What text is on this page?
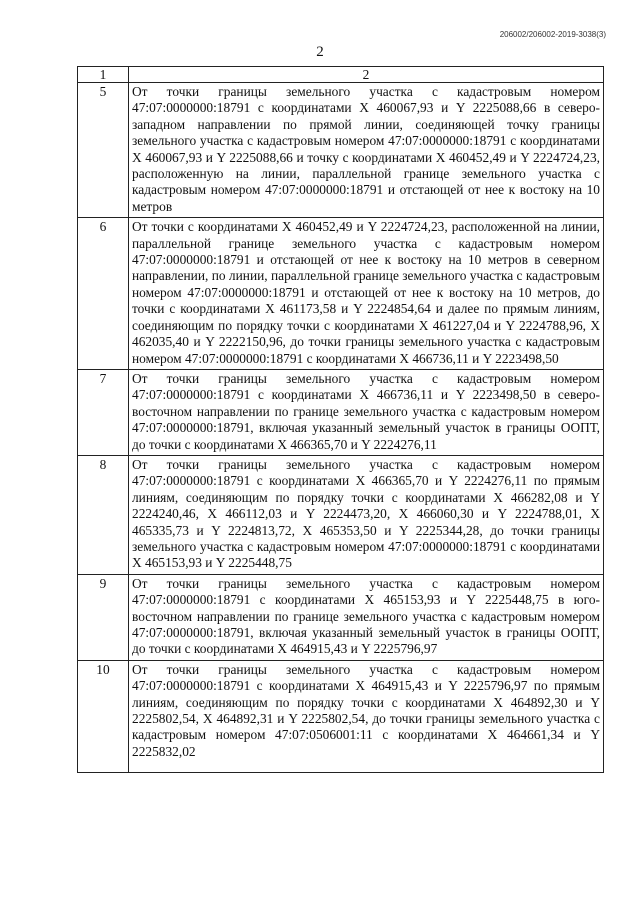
206002/206002-2019-3038(3)
2
1	2
5	От точки границы земельного участка с кадастровым номером 47:07:0000000:18791 с координатами X 460067,93 и Y 2225088,66 в северо-западном направлении по прямой линии, соединяющей точку границы земельного участка с кадастровым номером 47:07:0000000:18791 с координатами X 460067,93 и Y 2225088,66 и точку с координатами X 460452,49 и Y 2224724,23, расположенную на линии, параллельной границе земельного участка с кадастровым номером 47:07:0000000:18791 и отстающей от нее к востоку на 10 метров
6	От точки с координатами X 460452,49 и Y 2224724,23, расположенной на линии, параллельной границе земельного участка с кадастровым номером 47:07:0000000:18791 и отстающей от нее к востоку на 10 метров в северном направлении, по линии, параллельной границе земельного участка с кадастровым номером 47:07:0000000:18791 и отстающей от нее к востоку на 10 метров, до точки с координатами X 461173,58 и Y 2224854,64 и далее по прямым линиям, соединяющим по порядку точки с координатами X 461227,04 и Y 2224788,96, X 462035,40 и Y 2222150,96, до точки границы земельного участка с кадастровым номером 47:07:0000000:18791 с координатами X 466736,11 и Y 2223498,50
7	От точки границы земельного участка с кадастровым номером 47:07:0000000:18791 с координатами X 466736,11 и Y 2223498,50 в северо-восточном направлении по границе земельного участка с кадастровым номером 47:07:0000000:18791, включая указанный земельный участок в границы ООПТ, до точки с координатами X 466365,70 и Y 2224276,11
8	От точки границы земельного участка с кадастровым номером 47:07:0000000:18791 с координатами X 466365,70 и Y 2224276,11 по прямым линиям, соединяющим по порядку точки с координатами X 466282,08 и Y 2224240,46, X 466112,03 и Y 2224473,20, X 466060,30 и Y 2224788,01, X 465335,73 и Y 2224813,72, X 465353,50 и Y 2225344,28, до точки границы земельного участка с кадастровым номером 47:07:0000000:18791 с координатами X 465153,93 и Y 2225448,75
9	От точки границы земельного участка с кадастровым номером 47:07:0000000:18791 с координатами X 465153,93 и Y 2225448,75 в юго-восточном направлении по границе земельного участка с кадастровым номером 47:07:0000000:18791, включая указанный земельный участок в границы ООПТ, до точки с координатами X 464915,43 и Y 2225796,97
10	От точки границы земельного участка с кадастровым номером 47:07:0000000:18791 с координатами X 464915,43 и Y 2225796,97 по прямым линиям, соединяющим по порядку точки с координатами X 464892,30 и Y 2225802,54, X 464892,31 и Y 2225802,54, до точки границы земельного участка с кадастровым номером 47:07:0506001:11 с координатами X 464661,34 и Y 2225832,02
